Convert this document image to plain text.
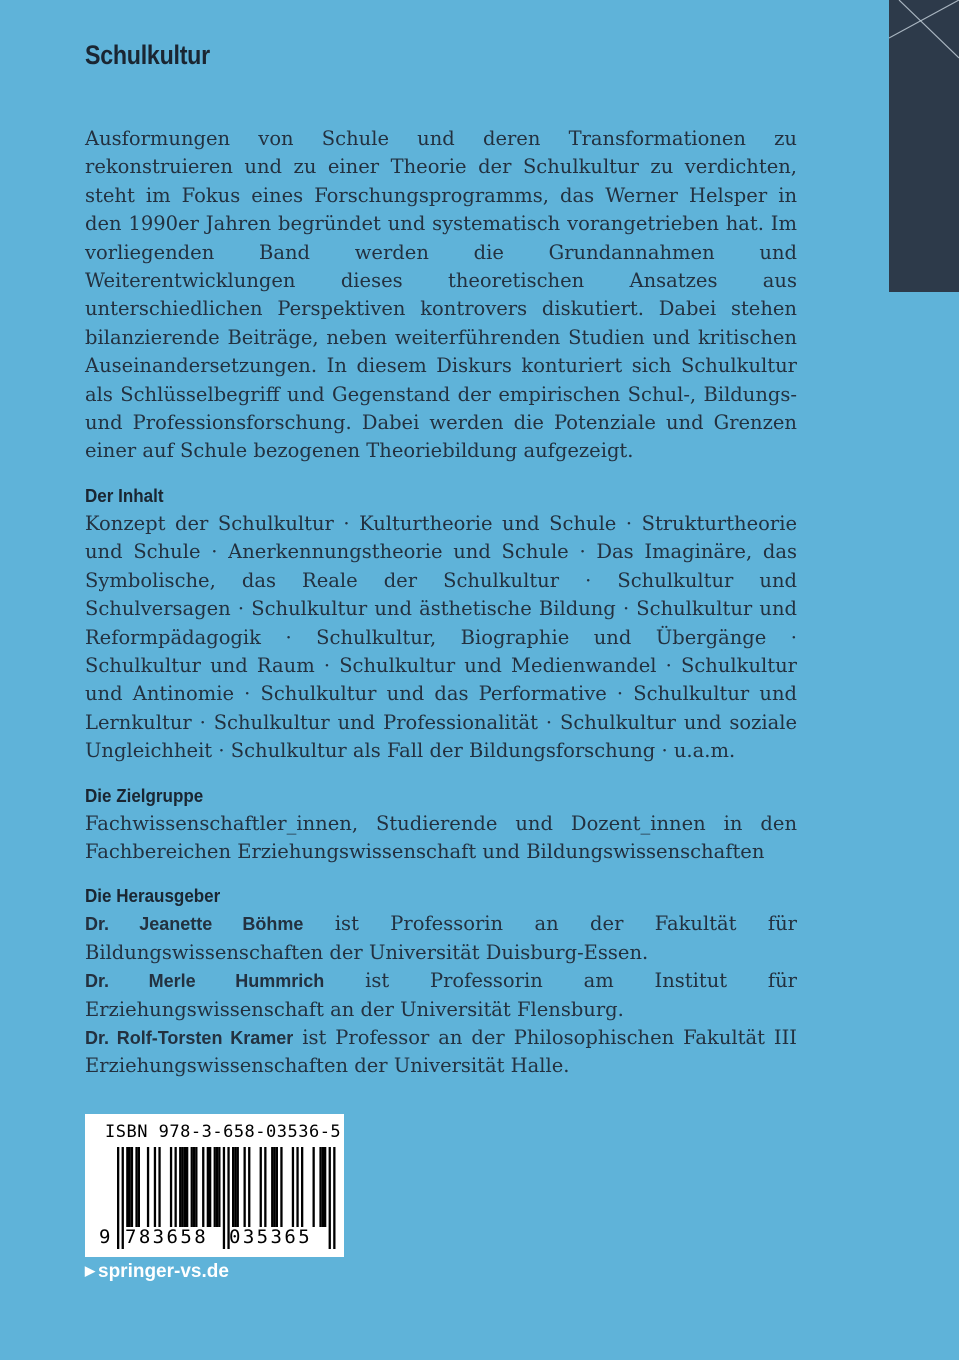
Schulkultur

Ausformungen von Schule und deren Transformationen zu rekonstruieren und zu einer Theorie der Schulkultur zu verdichten, steht im Fokus eines Forschungsprogramms, das Werner Helsper in den 1990er Jahren begründet und systematisch vorangetrieben hat. Im vorliegenden Band werden die Grundannahmen und Weiterentwicklungen dieses theoretischen Ansatzes aus unterschiedlichen Perspektiven kontrovers diskutiert. Dabei stehen bilanzierende Beiträge, neben weiterführenden Studien und kritischen Auseinandersetzungen. In diesem Diskurs konturiert sich Schulkultur als Schlüsselbegriff und Gegenstand der empirischen Schul-, Bildungs- und Professionsforschung. Dabei werden die Potenziale und Grenzen einer auf Schule bezogenen Theoriebildung aufgezeigt.

Der Inhalt

Konzept der Schulkultur · Kulturtheorie und Schule · Strukturtheorie und Schule · Anerkennungstheorie und Schule · Das Imaginäre, das Symbolische, das Reale der Schulkultur · Schulkultur und Schulversagen · Schulkultur und ästhetische Bildung · Schulkultur und Reformpädagogik · Schulkultur, Biographie und Übergänge · Schulkultur und Raum · Schulkultur und Medienwandel · Schulkultur und Antinomie · Schulkultur und das Performative · Schulkultur und Lernkultur · Schulkultur und Professionalität · Schulkultur und soziale Ungleichheit · Schulkultur als Fall der Bildungsforschung · u.a.m.

Die Zielgruppe

Fachwissenschaftler_innen, Studierende und Dozent_innen in den Fachbereichen Erziehungswissenschaft und Bildungswissenschaften

Die Herausgeber

Dr. Jeanette Böhme ist Professorin an der Fakultät für Bildungswissenschaften der Universität Duisburg-Essen.

Dr. Merle Hummrich ist Professorin am Institut für Erziehungswissenschaft an der Universität Flensburg.

Dr. Rolf-Torsten Kramer ist Professor an der Philosophischen Fakultät III Erziehungswissenschaften der Universität Halle.

ISBN 978-3-658-03536-5
9 783658 035365
▶ springer-vs.de
